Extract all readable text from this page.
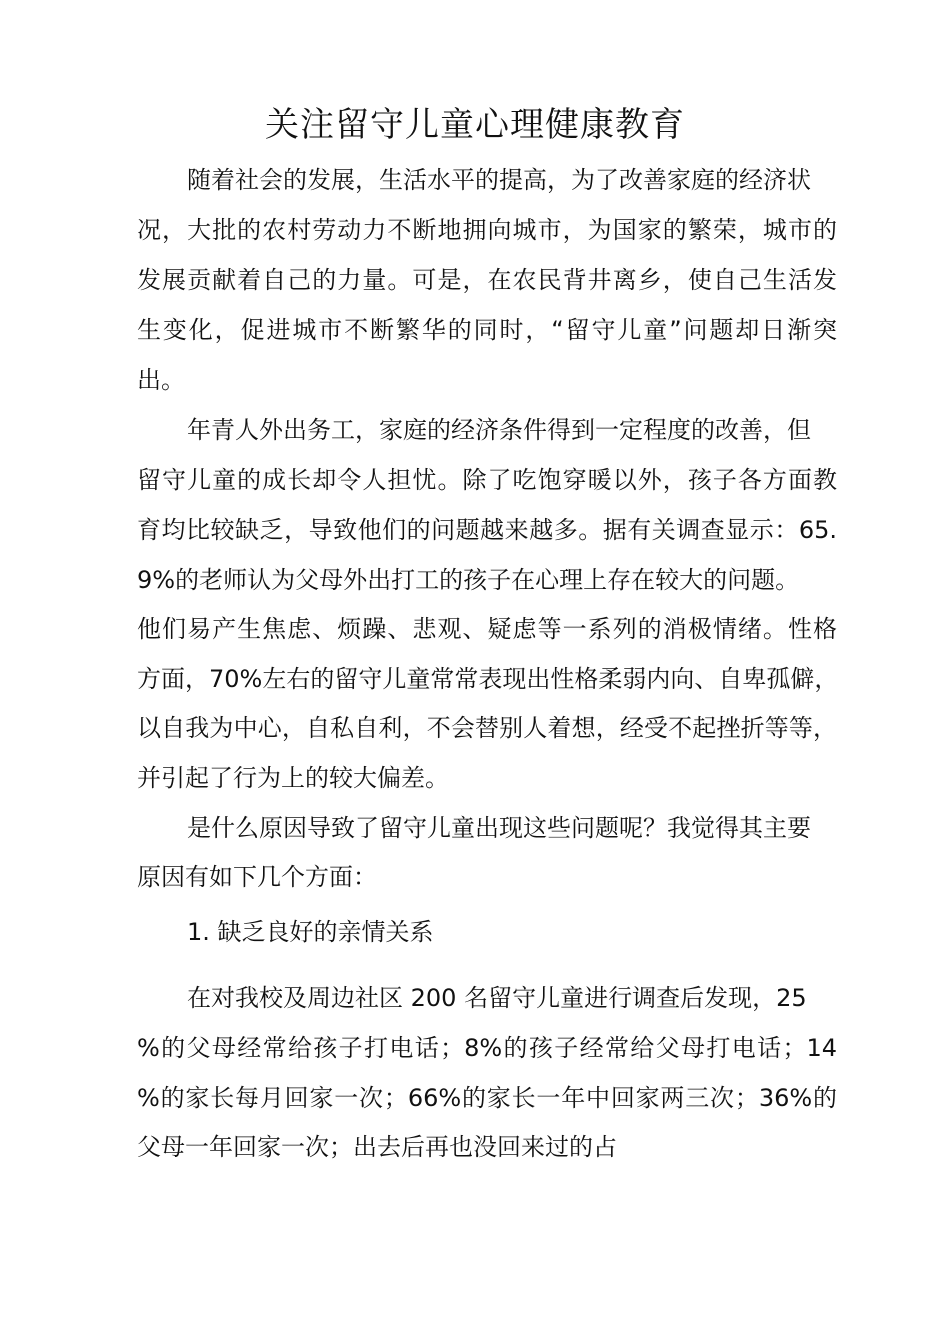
关注留守儿童心理健康教育

随着社会的发展，生活水平的提高，为了改善家庭的经济状

况，大批的农村劳动力不断地拥向城市，为国家的繁荣，城市的

发展贡献着自己的力量。可是，在农民背井离乡，使自己生活发

生变化，促进城市不断繁华的同时，“留守儿童”问题却日渐突

出。

年青人外出务工，家庭的经济条件得到一定程度的改善，但

留守儿童的成长却令人担忧。除了吃饱穿暖以外，孩子各方面教

育均比较缺乏，导致他们的问题越来越多。据有关调查显示：65.

9%的老师认为父母外出打工的孩子在心理上存在较大的问题。

他们易产生焦虑、烦躁、悲观、疑虑等一系列的消极情绪。性格

方面，70%左右的留守儿童常常表现出性格柔弱内向、自卑孤僻，

以自我为中心，自私自利，不会替别人着想，经受不起挫折等等，

并引起了行为上的较大偏差。

是什么原因导致了留守儿童出现这些问题呢？我觉得其主要

原因有如下几个方面：

1. 缺乏良好的亲情关系

在对我校及周边社区 200 名留守儿童进行调查后发现，25

%的父母经常给孩子打电话；8%的孩子经常给父母打电话；14

%的家长每月回家一次；66%的家长一年中回家两三次；36%的

父母一年回家一次；出去后再也没回来过的占
